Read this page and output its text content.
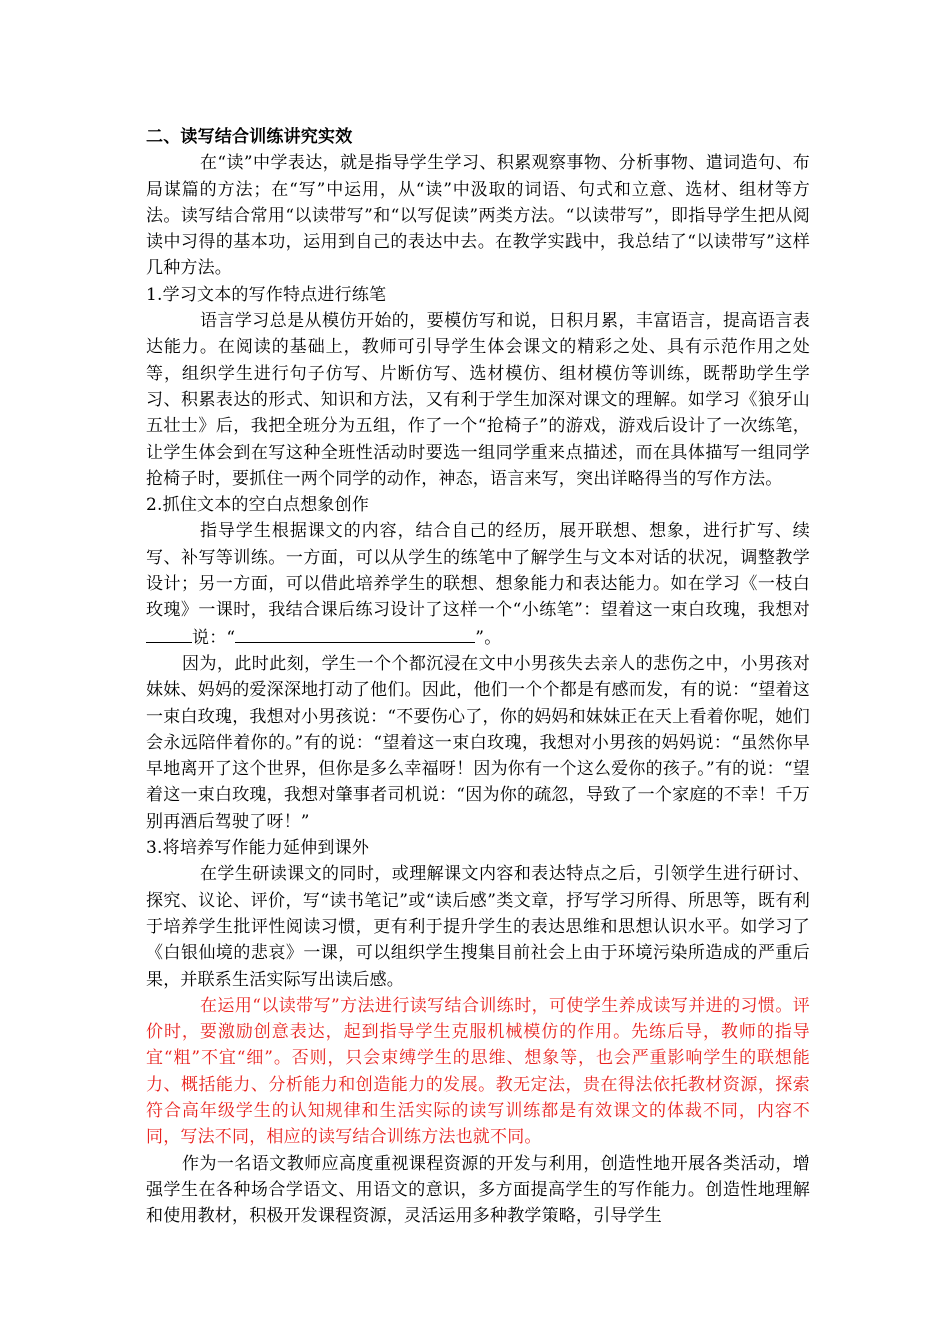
二、读写结合训练讲究实效

在“读”中学表达，就是指导学生学习、积累观察事物、分析事物、遣词造句、布局谋篇的方法；在“写”中运用，从“读”中汲取的词语、句式和立意、选材、组材等方法。读写结合常用“以读带写”和“以写促读”两类方法。“以读带写”，即指导学生把从阅读中习得的基本功，运用到自己的表达中去。在教学实践中，我总结了“以读带写”这样几种方法。

1.学习文本的写作特点进行练笔

语言学习总是从模仿开始的，要模仿写和说，日积月累，丰富语言，提高语言表达能力。在阅读的基础上，教师可引导学生体会课文的精彩之处、具有示范作用之处等，组织学生进行句子仿写、片断仿写、选材模仿、组材模仿等训练，既帮助学生学习、积累表达的形式、知识和方法，又有利于学生加深对课文的理解。如学习《狼牙山五壮士》后，我把全班分为五组，作了一个“抢椅子”的游戏，游戏后设计了一次练笔，让学生体会到在写这种全班性活动时要选一组同学重来点描述，而在具体描写一组同学抢椅子时，要抓住一两个同学的动作，神态，语言来写，突出详略得当的写作方法。

2.抓住文本的空白点想象创作

指导学生根据课文的内容，结合自己的经历，展开联想、想象，进行扩写、续写、补写等训练。一方面，可以从学生的练笔中了解学生与文本对话的状况，调整教学设计；另一方面，可以借此培养学生的联想、想象能力和表达能力。如在学习《一枝白玫瑰》一课时，我结合课后练习设计了这样一个“小练笔”：望着这一束白玫瑰，我想对说：“	”。

因为，此时此刻，学生一个个都沉浸在文中小男孩失去亲人的悲伤之中，小男孩对妹妹、妈妈的爱深深地打动了他们。因此，他们一个个都是有感而发，有的说：“望着这一束白玫瑰，我想对小男孩说：“不要伤心了，你的妈妈和妹妹正在天上看着你呢，她们会永远陪伴着你的。”有的说：“望着这一束白玫瑰，我想对小男孩的妈妈说：“虽然你早早地离开了这个世界，但你是多么幸福呀！因为你有一个这么爱你的孩子。”有的说：“望着这一束白玫瑰，我想对肇事者司机说：“因为你的疏忽，导致了一个家庭的不幸！千万别再酒后驾驶了呀！”

3.将培养写作能力延伸到课外

在学生研读课文的同时，或理解课文内容和表达特点之后，引领学生进行研讨、探究、议论、评价，写“读书笔记”或“读后感”类文章，抒写学习所得、所思等，既有利于培养学生批评性阅读习惯，更有利于提升学生的表达思维和思想认识水平。如学习了《白银仙境的悲哀》一课，可以组织学生搜集目前社会上由于环境污染所造成的严重后果，并联系生活实际写出读后感。

在运用“以读带写”方法进行读写结合训练时，可使学生养成读写并进的习惯。评价时，要激励创意表达，起到指导学生克服机械模仿的作用。先练后导，教师的指导宜“粗”不宜“细”。否则，只会束缚学生的思维、想象等，也会严重影响学生的联想能力、概括能力、分析能力和创造能力的发展。教无定法，贵在得法依托教材资源，探索符合高年级学生的认知规律和生活实际的读写训练都是有效课文的体裁不同，内容不同，写法不同，相应的读写结合训练方法也就不同。

作为一名语文教师应高度重视课程资源的开发与利用，创造性地开展各类活动，增强学生在各种场合学语文、用语文的意识，多方面提高学生的写作能力。创造性地理解和使用教材，积极开发课程资源，灵活运用多种教学策略，引导学生
